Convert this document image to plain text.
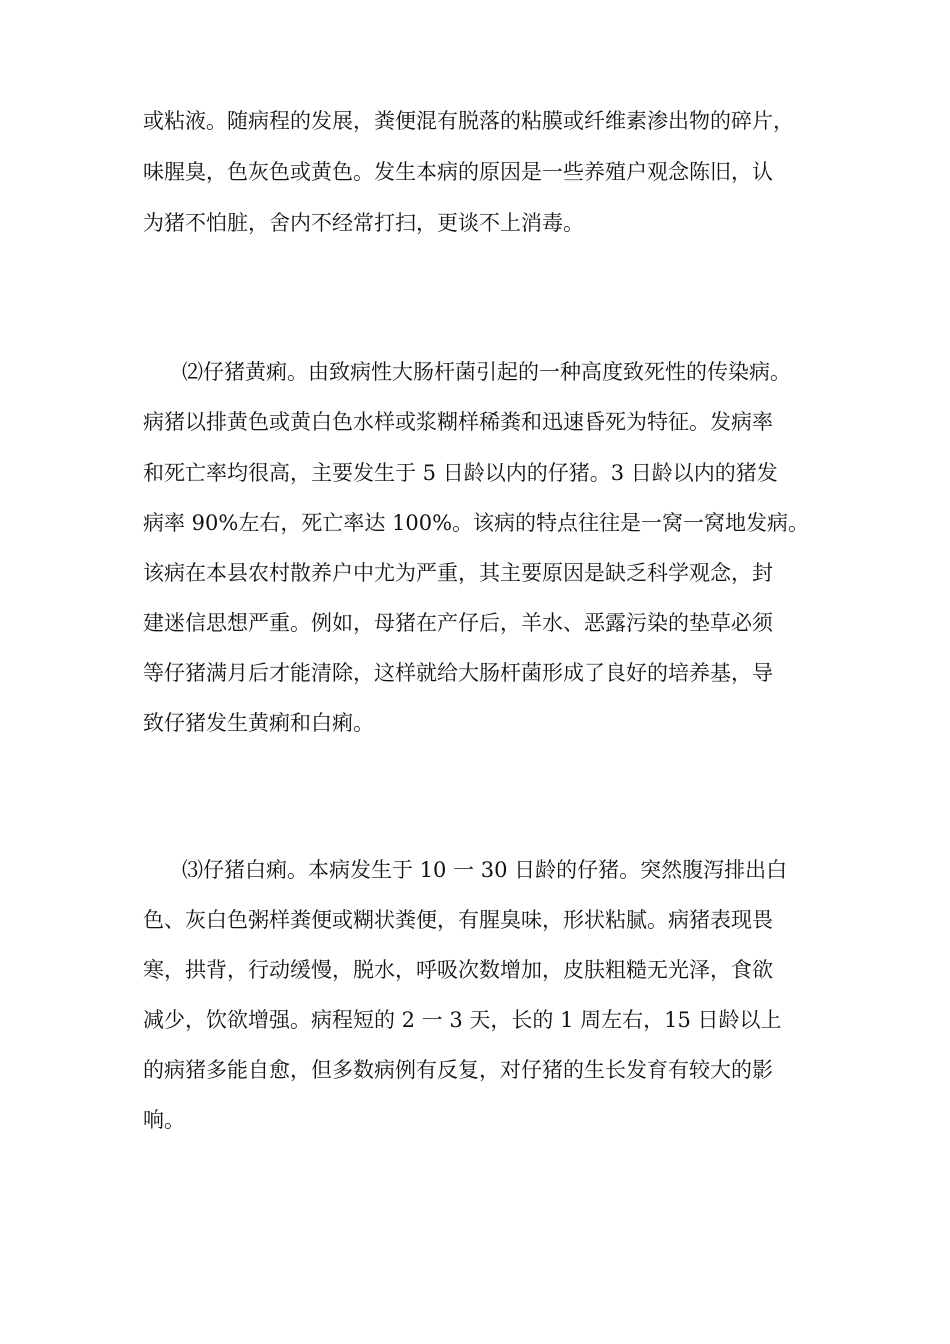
或粘液。随病程的发展，粪便混有脱落的粘膜或纤维素渗出物的碎片，

味腥臭，色灰色或黄色。发生本病的原因是一些养殖户观念陈旧，认

为猪不怕脏，舍内不经常打扫，更谈不上消毒。

⑵仔猪黄痢。由致病性大肠杆菌引起的一种高度致死性的传染病。

病猪以排黄色或黄白色水样或浆糊样稀粪和迅速昏死为特征。发病率

和死亡率均很高，主要发生于 5 日龄以内的仔猪。3 日龄以内的猪发

病率 90%左右，死亡率达 100%。该病的特点往往是一窝一窝地发病。

该病在本县农村散养户中尤为严重，其主要原因是缺乏科学观念，封

建迷信思想严重。例如，母猪在产仔后，羊水、恶露污染的垫草必须

等仔猪满月后才能清除，这样就给大肠杆菌形成了良好的培养基，导

致仔猪发生黄痢和白痢。

⑶仔猪白痢。本病发生于 10 一 30 日龄的仔猪。突然腹泻排出白

色、灰白色粥样粪便或糊状粪便，有腥臭味，形状粘腻。病猪表现畏

寒，拱背，行动缓慢，脱水，呼吸次数增加，皮肤粗糙无光泽，食欲

减少，饮欲增强。病程短的 2 一 3 天，长的 1 周左右，15 日龄以上

的病猪多能自愈，但多数病例有反复，对仔猪的生长发育有较大的影

响。
